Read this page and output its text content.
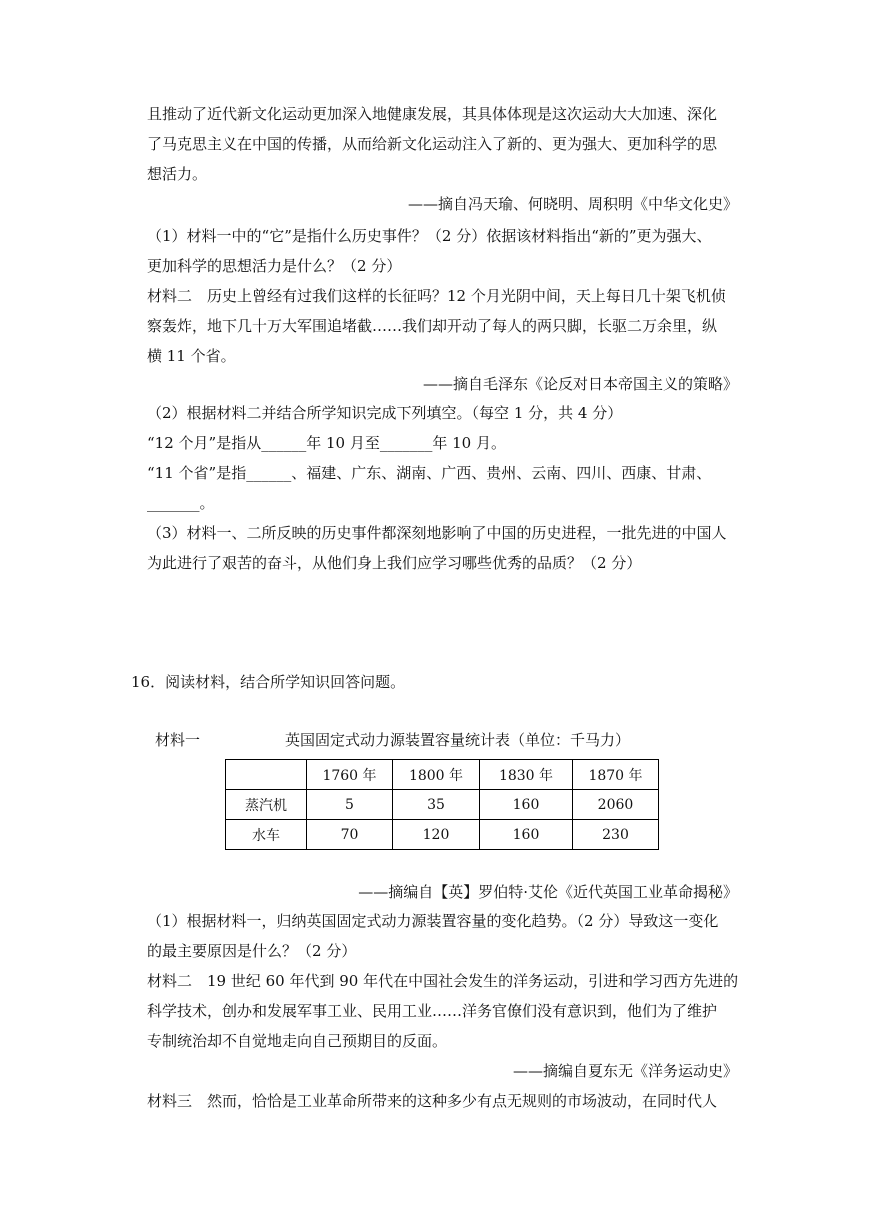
且推动了近代新文化运动更加深入地健康发展，其具体体现是这次运动大大加速、深化
了马克思主义在中国的传播，从而给新文化运动注入了新的、更为强大、更加科学的思
想活力。
——摘自冯天瑜、何晓明、周积明《中华文化史》
（1）材料一中的“它”是指什么历史事件？（2 分）依据该材料指出“新的”更为强大、
更加科学的思想活力是什么？（2 分）
材料二　历史上曾经有过我们这样的长征吗？12 个月光阴中间，天上每日几十架飞机侦
察轰炸，地下几十万大军围追堵截……我们却开动了每人的两只脚，长驱二万余里，纵
横 11 个省。
——摘自毛泽东《论反对日本帝国主义的策略》
（2）根据材料二并结合所学知识完成下列填空。（每空 1 分，共 4 分）
“12 个月”是指从______年 10 月至_______年 10 月。
“11 个省”是指______、福建、广东、湖南、广西、贵州、云南、四川、西康、甘肃、
_______。
（3）材料一、二所反映的历史事件都深刻地影响了中国的历史进程，一批先进的中国人
为此进行了艰苦的奋斗，从他们身上我们应学习哪些优秀的品质？（2 分）
16．阅读材料，结合所学知识回答问题。
材料一	英国固定式动力源装置容量统计表（单位：千马力）
	1760 年	1800 年	1830 年	1870 年
蒸汽机	5	35	160	2060
水车	70	120	160	230
——摘编自【英】罗伯特·艾伦《近代英国工业革命揭秘》
（1）根据材料一，归纳英国固定式动力源装置容量的变化趋势。（2 分）导致这一变化
的最主要原因是什么？（2 分）
材料二　19 世纪 60 年代到 90 年代在中国社会发生的洋务运动，引进和学习西方先进的
科学技术，创办和发展军事工业、民用工业……洋务官僚们没有意识到，他们为了维护
专制统治却不自觉地走向自己预期目的反面。
——摘编自夏东无《洋务运动史》
材料三　然而，恰恰是工业革命所带来的这种多少有点无规则的市场波动，在同时代人
